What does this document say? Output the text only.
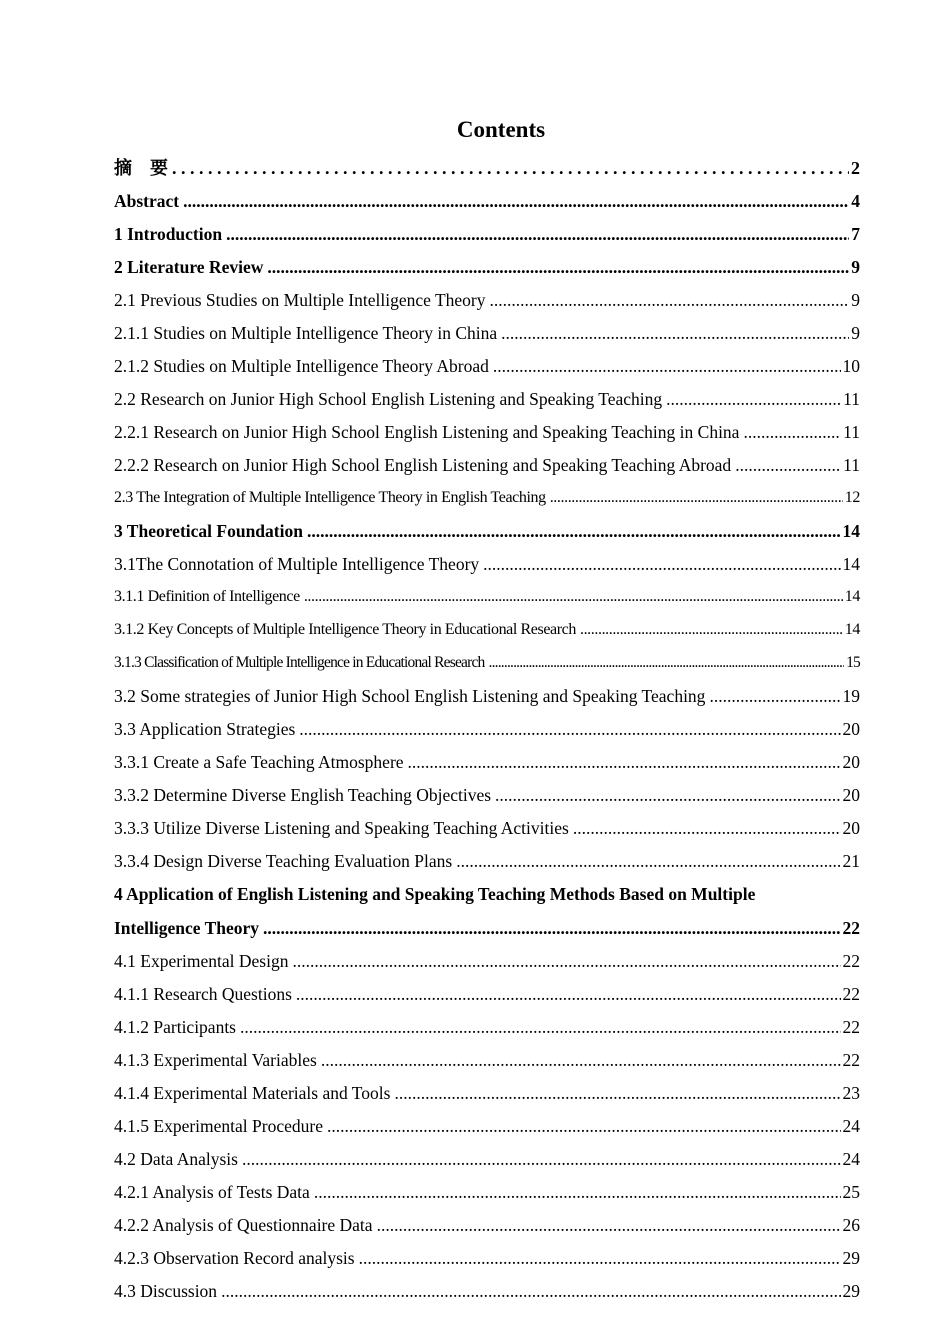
Contents
摘　要 . . .	2
Abstract .....	4
1 Introduction .....	7
2 Literature Review .....	9
2.1 Previous Studies on Multiple Intelligence Theory .....	9
2.1.1 Studies on Multiple Intelligence Theory in China .....	9
2.1.2 Studies on Multiple Intelligence Theory Abroad .....	10
2.2 Research on Junior High School English Listening and Speaking Teaching .....	11
2.2.1 Research on Junior High School English Listening and Speaking Teaching in China .....	11
2.2.2 Research on Junior High School English Listening and Speaking Teaching Abroad .....	11
2.3 The Integration of Multiple Intelligence Theory in English Teaching .....	12
3 Theoretical Foundation .....	14
3.1The Connotation of Multiple Intelligence Theory .....	14
3.1.1 Definition of Intelligence .....	14
3.1.2 Key Concepts of Multiple Intelligence Theory in Educational Research .....	14
3.1.3 Classification of Multiple Intelligence in Educational Research .....	15
3.2 Some strategies of Junior High School English Listening and Speaking Teaching .....	19
3.3 Application Strategies .....	20
3.3.1 Create a Safe Teaching Atmosphere .....	20
3.3.2 Determine Diverse English Teaching Objectives .....	20
3.3.3 Utilize Diverse Listening and Speaking Teaching Activities .....	20
3.3.4 Design Diverse Teaching Evaluation Plans .....	21
4 Application of English Listening and Speaking Teaching Methods Based on Multiple
Intelligence Theory .....	22
4.1 Experimental Design .....	22
4.1.1 Research Questions .....	22
4.1.2 Participants .....	22
4.1.3 Experimental Variables .....	22
4.1.4 Experimental Materials and Tools .....	23
4.1.5 Experimental Procedure .....	24
4.2 Data Analysis .....	24
4.2.1 Analysis of Tests Data .....	25
4.2.2 Analysis of Questionnaire Data .....	26
4.2.3 Observation Record analysis .....	29
4.3 Discussion .....	29
